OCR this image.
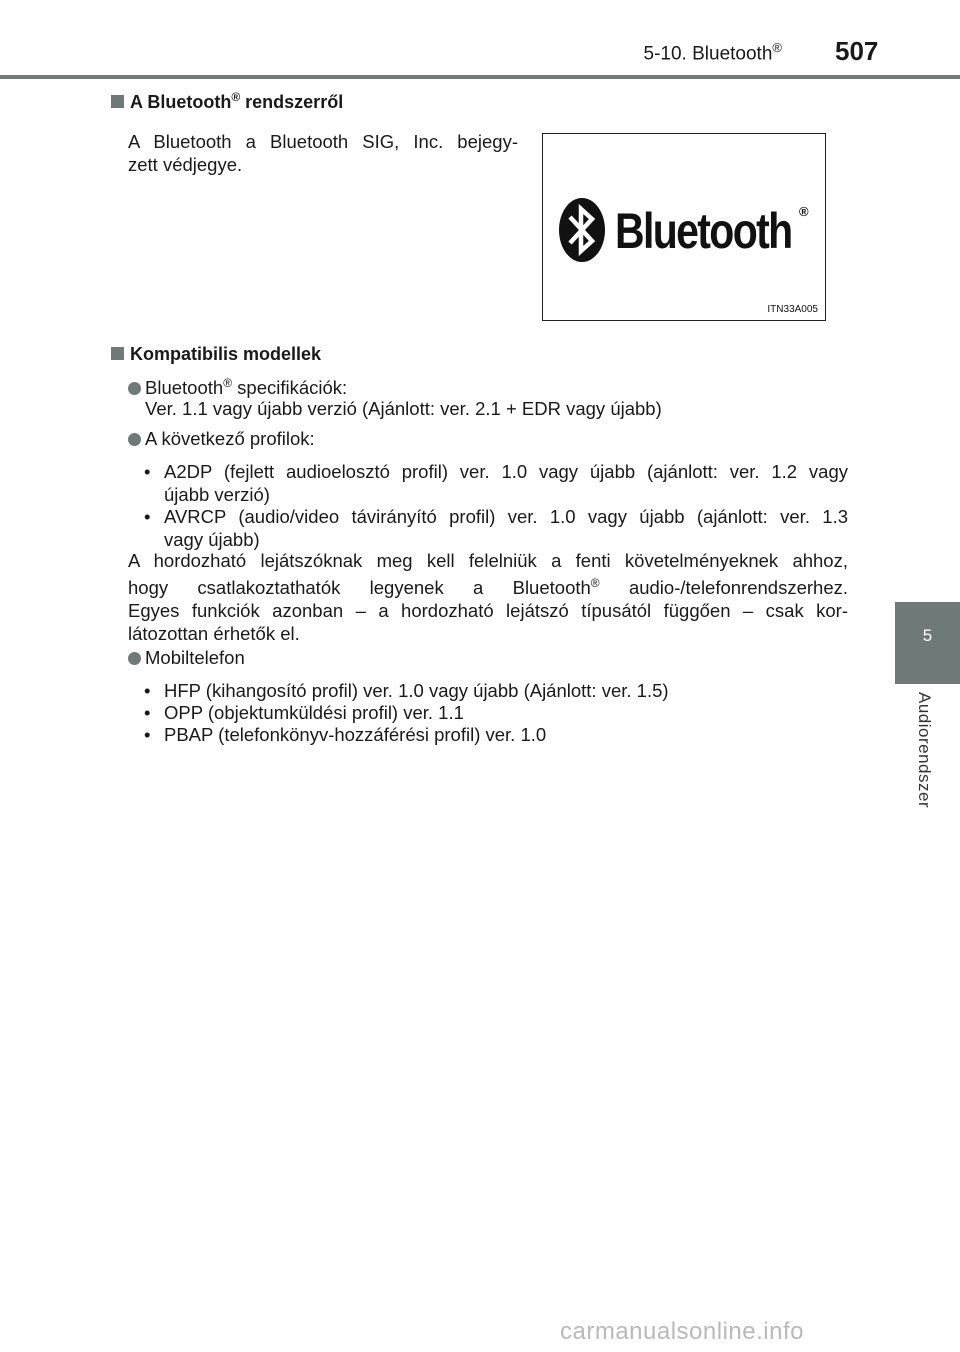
5-10. Bluetooth® 507
5
Audiorendszer
A Bluetooth® rendszerről
A Bluetooth a Bluetooth SIG, Inc. bejegy-
zett védjegye.
Bluetooth ®
ITN33A005
Kompatibilis modellek
Bluetooth® specifikációk:
Ver. 1.1 vagy újabb verzió (Ajánlott: ver. 2.1 + EDR vagy újabb)
A következő profilok:
• A2DP (fejlett audioelosztó profil) ver. 1.0 vagy újabb (ajánlott: ver. 1.2 vagy
újabb verzió)
• AVRCP (audio/video távirányító profil) ver. 1.0 vagy újabb (ajánlott: ver. 1.3
vagy újabb)
A hordozható lejátszóknak meg kell felelniük a fenti követelményeknek ahhoz,
hogy csatlakoztathatók legyenek a Bluetooth® audio-/telefonrendszerhez.
Egyes funkciók azonban – a hordozható lejátszó típusától függően – csak kor-
látozottan érhetők el.
Mobiltelefon
• HFP (kihangosító profil) ver. 1.0 vagy újabb (Ajánlott: ver. 1.5)
• OPP (objektumküldési profil) ver. 1.1
• PBAP (telefonkönyv-hozzáférési profil) ver. 1.0
carmanualsonline.info
